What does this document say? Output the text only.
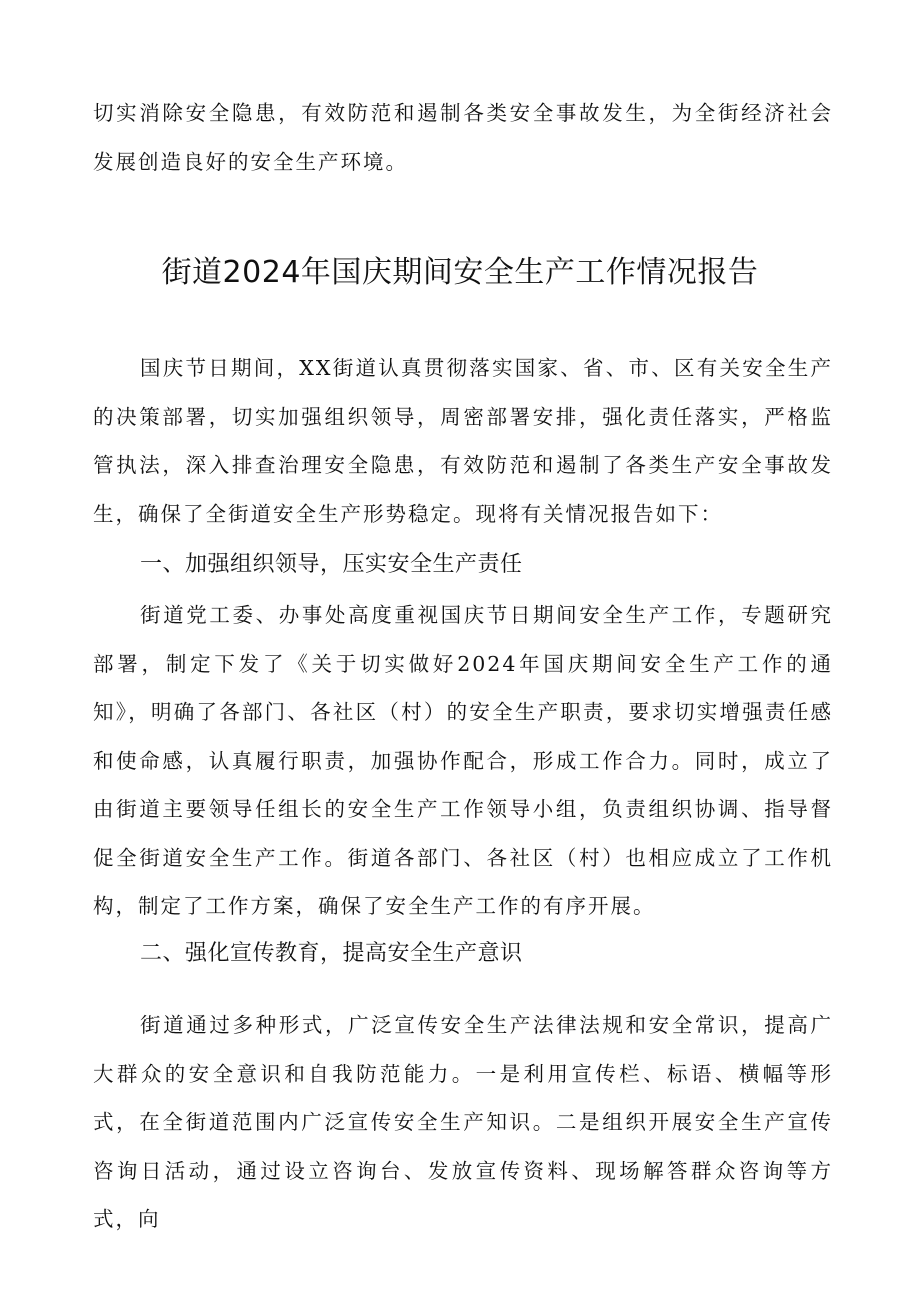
切实消除安全隐患，有效防范和遏制各类安全事故发生，为全街经济社会发展创造良好的安全生产环境。

街道2024年国庆期间安全生产工作情况报告

国庆节日期间，XX街道认真贯彻落实国家、省、市、区有关安全生产的决策部署，切实加强组织领导，周密部署安排，强化责任落实，严格监管执法，深入排查治理安全隐患，有效防范和遏制了各类生产安全事故发生，确保了全街道安全生产形势稳定。现将有关情况报告如下：

一、加强组织领导，压实安全生产责任

街道党工委、办事处高度重视国庆节日期间安全生产工作，专题研究部署，制定下发了《关于切实做好2024年国庆期间安全生产工作的通知》，明确了各部门、各社区（村）的安全生产职责，要求切实增强责任感和使命感，认真履行职责，加强协作配合，形成工作合力。同时，成立了由街道主要领导任组长的安全生产工作领导小组，负责组织协调、指导督促全街道安全生产工作。街道各部门、各社区（村）也相应成立了工作机构，制定了工作方案，确保了安全生产工作的有序开展。

二、强化宣传教育，提高安全生产意识

街道通过多种形式，广泛宣传安全生产法律法规和安全常识，提高广大群众的安全意识和自我防范能力。一是利用宣传栏、标语、横幅等形式，在全街道范围内广泛宣传安全生产知识。二是组织开展安全生产宣传咨询日活动，通过设立咨询台、发放宣传资料、现场解答群众咨询等方式，向
